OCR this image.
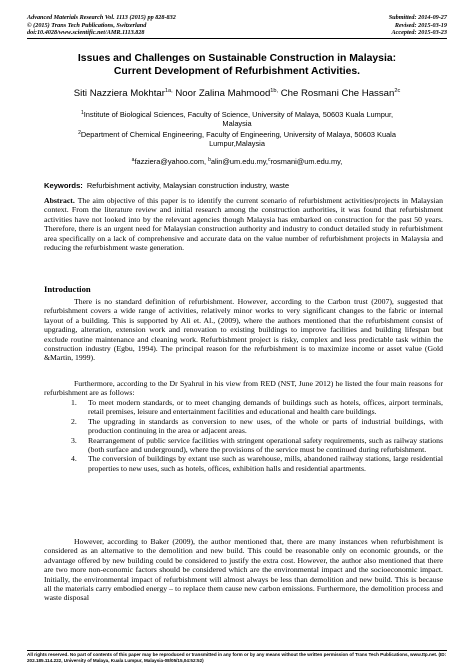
Advanced Materials Research Vol. 1113 (2015) pp 828-832	Submitted: 2014-09-27
© (2015) Trans Tech Publications, Switzerland	Revised: 2015-03-19
doi:10.4028/www.scientific.net/AMR.1113.828	Accepted: 2015-03-23
Issues and Challenges on Sustainable Construction in Malaysia:
Current Development of Refurbishment Activities.
Siti Nazziera Mokhtar$^{1a,}$ Noor Zalina Mahmood$^{1b,}$ Che Rosmani Che Hassan$^{2c}$
$^1$Institute of Biological Sciences, Faculty of Science, University of Malaya, 50603 Kuala Lumpur,
Malaysia
$^2$Department of Chemical Engineering, Faculty of Engineering, University of Malaya, 50603 Kuala
Lumpur,Malaysia
$^a$fazziera@yahoo.com, $^b$alin@um.edu.my,$^c$rosmani@um.edu.my,
Keywords: Refurbishment activity, Malaysian construction industry, waste
Abstract. The aim objective of this paper is to identify the current scenario of refurbishment activities/projects in Malaysian context. From the literature review and initial research among the construction authorities, it was found that refurbishment activities have not looked into by the relevant agencies though Malaysia has embarked on construction for the past 50 years. Therefore, there is an urgent need for Malaysian construction authority and industry to conduct detailed study in refurbishment area specifically on a lack of comprehensive and accurate data on the value number of refurbishment projects in Malaysia and reducing the refurbishment waste generation.
Introduction
There is no standard definition of refurbishment. However, according to the Carbon trust (2007), suggested that refurbishment covers a wide range of activities, relatively minor works to very significant changes to the fabric or internal layout of a building. This is supported by Ali et. Al., (2009), where the authors mentioned that the refurbishment consist of upgrading, alteration, extension work and renovation to existing buildings to improve facilities and building lifespan but exclude routine maintenance and cleaning work. Refurbishment project is risky, complex and less predictable task within the construction industry (Egbu, 1994). The principal reason for the refurbishment is to maximize income or asset value (Gold &Martin, 1999).
Furthermore, according to the Dr Syahrul in his view from RED (NST, June 2012) he listed the four main reasons for refurbishment are as follows:
1. To meet modern standards, or to meet changing demands of buildings such as hotels, offices, airport terminals, retail premises, leisure and entertainment facilities and educational and health care buildings.
2. The upgrading in standards as conversion to new uses, of the whole or parts of industrial buildings, with production continuing in the area or adjacent areas.
3. Rearrangement of public service facilities with stringent operational safety requirements, such as railway stations (both surface and underground), where the provisions of the service must be continued during refurbishment.
4. The conversion of buildings by extant use such as warehouse, mills, abandoned railway stations, large residential properties to new uses, such as hotels, offices, exhibition halls and residential apartments.
However, according to Baker (2009), the author mentioned that, there are many instances when refurbishment is considered as an alternative to the demolition and new build. This could be reasonable only on economic grounds, or the advantage offered by new building could be considered to justify the extra cost. However, the author also mentioned that there are two more non-economic factors should be considered which are the environmental impact and the socioeconomic impact. Initially, the environmental impact of refurbishment will almost always be less than demolition and new build. This is because all the materials carry embodied energy – to replace them cause new carbon emissions. Furthermore, the demolition process and waste disposal
All rights reserved. No part of contents of this paper may be reproduced or transmitted in any form or by any means without the written permission of Trans Tech Publications, www.ttp.net. (ID: 202.185.114.222, University of Malaya, Kuala Lumpur, Malaysia-08/05/15,04:52:52)
